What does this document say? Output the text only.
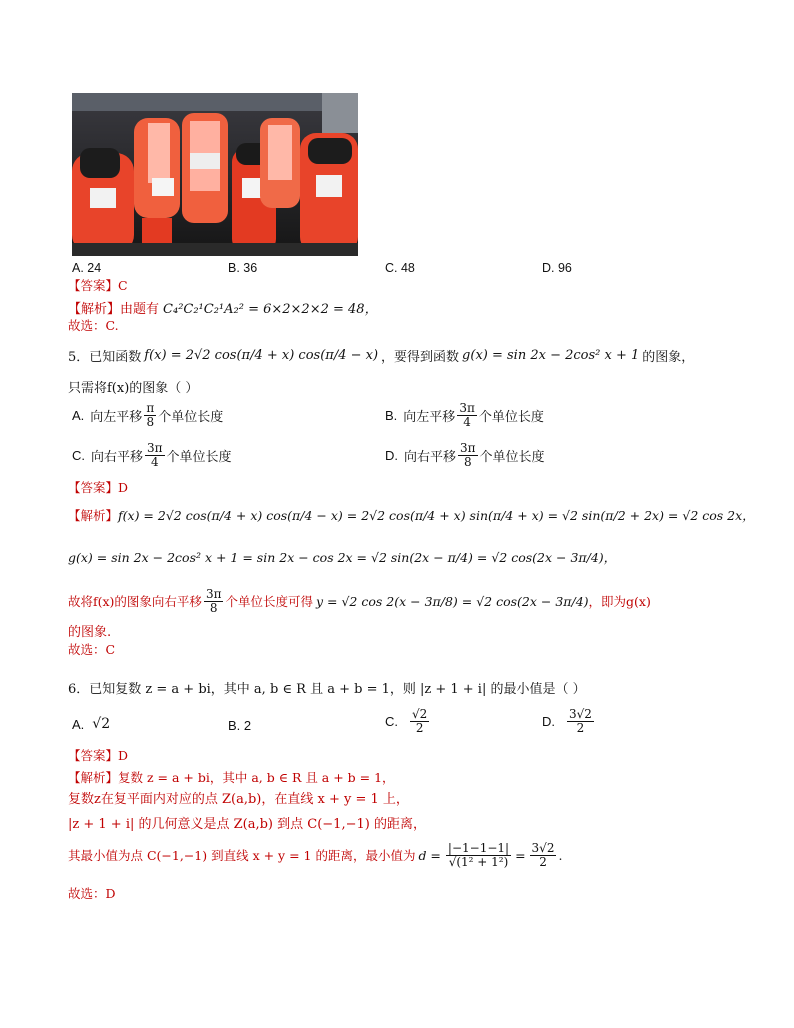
A. 24	B. 36	C. 48	D. 96
【答案】C
【解析】 由题有 C₄²C₂¹C₂¹A₂² = 6×2×2×2 = 48，
故选：C.
5．已知函数 f(x) = 2√2 cos(π/4 + x) cos(π/4 − x) ，要得到函数 g(x) = sin 2x − 2cos² x + 1 的图象，
只需将f(x)的图象（ ）
A. 向左平移 $\frac{\pi}{8}$ 个单位长度	B. 向左平移 $\frac{3\pi}{4}$ 个单位长度
C. 向右平移 $\frac{3\pi}{4}$ 个单位长度	D. 向右平移 $\frac{3\pi}{8}$ 个单位长度
【答案】D
【解析】 f(x) = 2√2 cos(π/4 + x) cos(π/4 − x) = 2√2 cos(π/4 + x) sin(π/4 + x) = √2 sin(π/2 + 2x) = √2 cos 2x，
g(x) = sin 2x − 2cos² x + 1 = sin 2x − cos 2x = √2 sin(2x − π/4) = √2 cos(2x − 3π/4)，
故将f(x)的图象向右平移 $\frac{3\pi}{8}$ 个单位长度可得 y = √2 cos 2(x − 3π/8) = √2 cos(2x − 3π/4) ，即为g(x)
的图象.
故选：C
6．已知复数 z = a + bi，其中 a, b ∈ R 且 a + b = 1，则 |z + 1 + i| 的最小值是（ ）
A. √2	B. 2	C. $\frac{√2}{2}$	D. $\frac{3√2}{2}$
【答案】D
【解析】 复数 z = a + bi，其中 a, b ∈ R 且 a + b = 1，
复数z在复平面内对应的点 Z(a,b)，在直线 x + y = 1 上，
|z + 1 + i| 的几何意义是点 Z(a,b) 到点 C(−1,−1) 的距离，
其最小值为点 C(−1,−1) 到直线 x + y = 1 的距离，最小值为 $d = \frac{|-1-1-1|}{\text{√(1² + 1²)}} = \frac{3√2}{2}$ .
故选：D
